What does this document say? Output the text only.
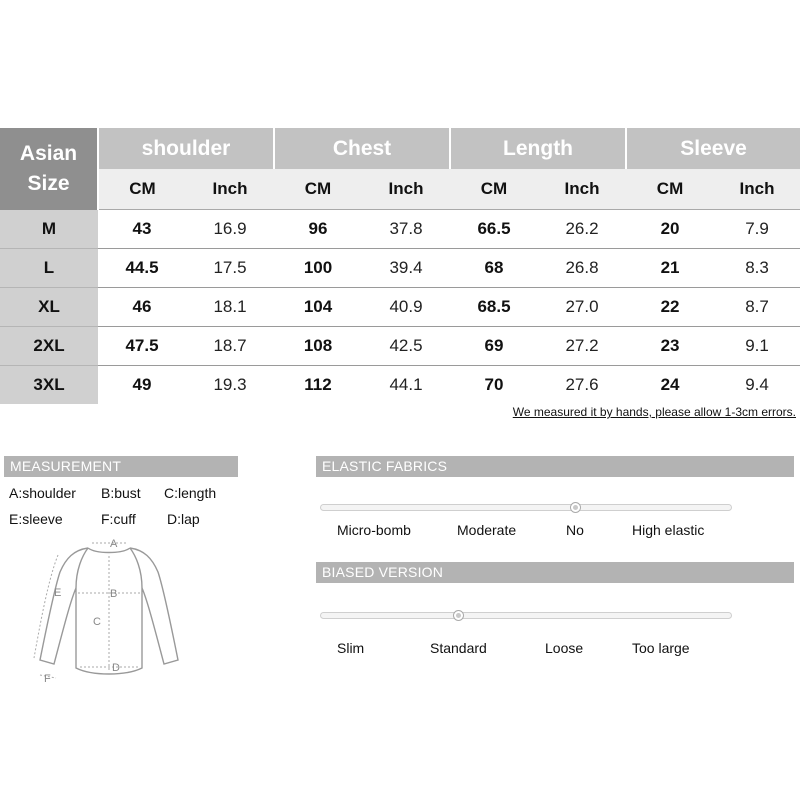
Asian
Size	shoulder		Chest		Length		Sleeve	
	CM	Inch	CM	Inch	CM	Inch	CM	Inch
M	43	16.9	96	37.8	66.5	26.2	20	7.9
L	44.5	17.5	100	39.4	68	26.8	21	8.3
XL	46	18.1	104	40.9	68.5	27.0	22	8.7
2XL	47.5	18.7	108	42.5	69	27.2	23	9.1
3XL	49	19.3	112	44.1	70	27.6	24	9.4
We measured it by hands, please allow 1-3cm errors.
MEASUREMENT
A:shoulder B:bust C:length
E:sleeve	F:cuff D:lap
A
B
C
D
E
F
ELASTIC FABRICS
Micro-bomb	Moderate	No	High elastic
BIASED VERSION
Slim	Standard	Loose	Too large
